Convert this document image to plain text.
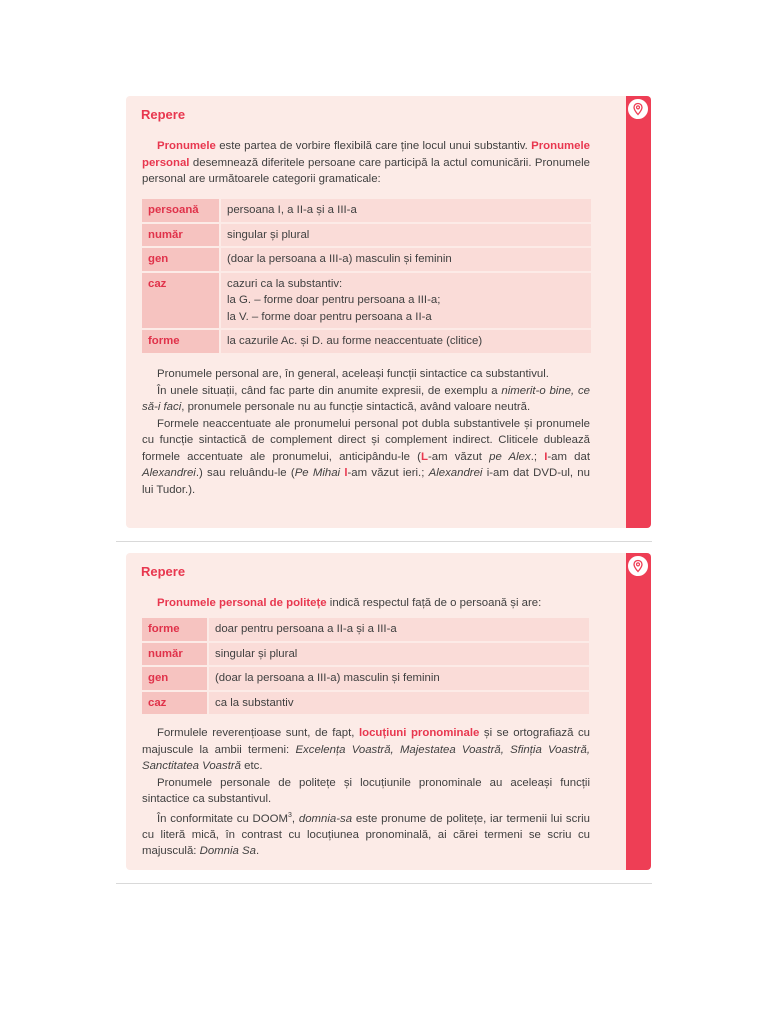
Repere

Pronumele este partea de vorbire flexibilă care ține locul unui substantiv. Pronumele personal desemnează diferitele persoane care participă la actul comunicării. Pronumele personal are următoarele categorii gramaticale:

persoană	persoana I, a II-a și a III-a

număr	singular și plural

gen	(doar la persoana a III-a) masculin și feminin

caz	cazuri ca la substantiv:
la G. – forme doar pentru persoana a III-a;
la V. – forme doar pentru persoana a II-a

forme	la cazurile Ac. și D. au forme neaccentuate (clitice)

Pronumele personal are, în general, aceleași funcții sintactice ca substantivul.

În unele situații, când fac parte din anumite expresii, de exemplu a nimerit-o bine, ce să-i faci, pronumele personale nu au funcție sintactică, având valoare neutră.

Formele neaccentuate ale pronumelui personal pot dubla substantivele și pronumele cu funcție sintactică de complement direct și complement indirect. Cliticele dublează formele accentuate ale pronumelui, anticipându-le (L-am văzut pe Alex.; I-am dat Alexandrei.) sau reluându-le (Pe Mihai l-am văzut ieri.; Alexandrei i-am dat DVD-ul, nu lui Tudor.).

Repere

Pronumele personal de politețe indică respectul față de o persoană și are:

forme	doar pentru persoana a II-a și a III-a
număr	singular și plural
gen	(doar la persoana a III-a) masculin și feminin
caz	ca la substantiv

Formulele reverențioase sunt, de fapt, locuțiuni pronominale și se ortografiază cu majuscule la ambii termeni: Excelența Voastră, Majestatea Voastră, Sfinția Voastră, Sanctitatea Voastră etc.

Pronumele personale de politețe și locuțiunile pronominale au aceleași funcții sintactice ca substantivul.

În conformitate cu DOOM$^3$, domnia-sa este pronume de politețe, iar termenii lui scriu cu literă mică, în contrast cu locuțiunea pronominală, ai cărei termeni se scriu cu majusculă: Domnia Sa.
